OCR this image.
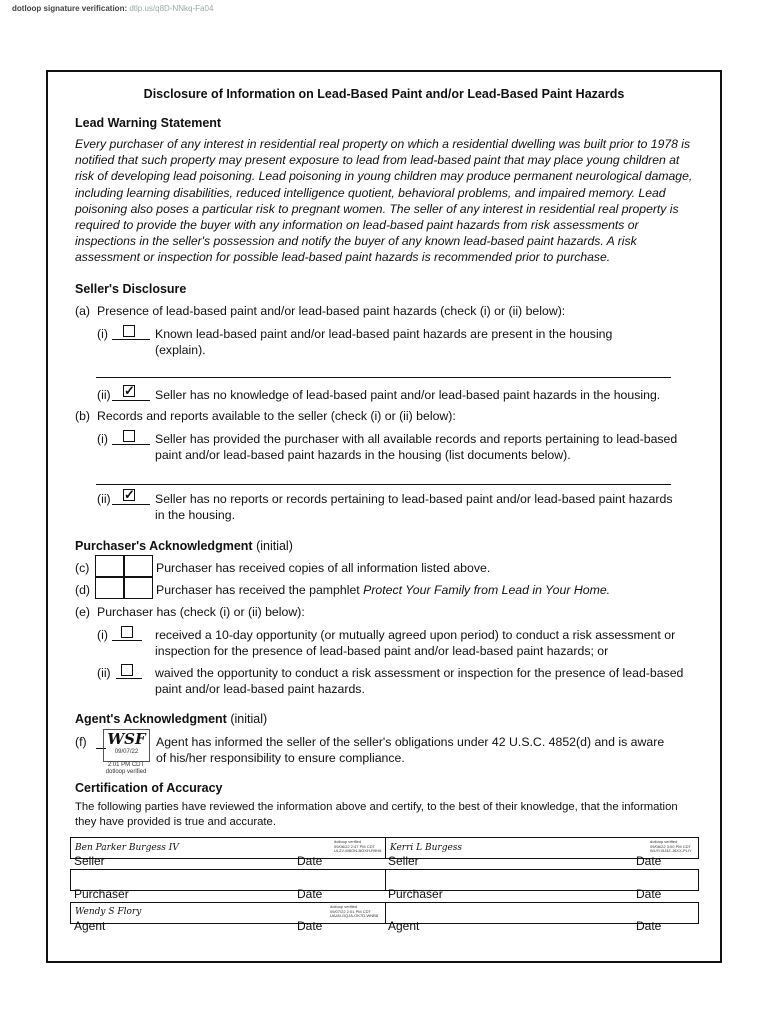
dotloop signature verification: dtlp.us/q8D-NNkq-Fa04
Disclosure of Information on Lead-Based Paint and/or Lead-Based Paint Hazards
Lead Warning Statement
Every purchaser of any interest in residential real property on which a residential dwelling was built prior to 1978 is notified that such property may present exposure to lead from lead-based paint that may place young children at risk of developing lead poisoning. Lead poisoning in young children may produce permanent neurological damage, including learning disabilities, reduced intelligence quotient, behavioral problems, and impaired memory. Lead poisoning also poses a particular risk to pregnant women. The seller of any interest in residential real property is required to provide the buyer with any information on lead-based paint hazards from risk assessments or inspections in the seller's possession and notify the buyer of any known lead-based paint hazards. A risk assessment or inspection for possible lead-based paint hazards is recommended prior to purchase.
Seller's Disclosure
(a) Presence of lead-based paint and/or lead-based paint hazards (check (i) or (ii) below):
(i)	Known lead-based paint and/or lead-based paint hazards are present in the housing (explain).
(ii) ✓ Seller has no knowledge of lead-based paint and/or lead-based paint hazards in the housing.
(b) Records and reports available to the seller (check (i) or (ii) below):
(i)	Seller has provided the purchaser with all available records and reports pertaining to lead-based paint and/or lead-based paint hazards in the housing (list documents below).
(ii) ✓ Seller has no reports or records pertaining to lead-based paint and/or lead-based paint hazards in the housing.
Purchaser's Acknowledgment (initial)
(c)	Purchaser has received copies of all information listed above.
(d)	Purchaser has received the pamphlet Protect Your Family from Lead in Your Home.
(e) Purchaser has (check (i) or (ii) below):
(i)	received a 10-day opportunity (or mutually agreed upon period) to conduct a risk assessment or inspection for the presence of lead-based paint and/or lead-based paint hazards; or
(ii)	waived the opportunity to conduct a risk assessment or inspection for the presence of lead-based paint and/or lead-based paint hazards.
Agent's Acknowledgment (initial)
(f) WSF
09/07/22
2:01 PM CDT
dotloop verified
Agent has informed the seller of the seller's obligations under 42 U.S.C. 4852(d) and is aware of his/her responsibility to ensure compliance.
Certification of Accuracy
The following parties have reviewed the information above and certify, to the best of their knowledge, that the information they have provided is true and accurate.
Ben Parker Burgess IV
dotloop verified
09/08/22 2:47 PM CDT
UL2V-W8GN-BOXH-R9H8 Kerri L Burgess
dotloop verified
09/08/22 3:00 PM CDT
WUIY-BJ4Z-J6XX-PLIY
Seller	Date	Seller	Date
Purchaser	Date	Purchaser	Date
Wendy S Flory
dotloop verified
09/07/22 2:01 PM CDT
UA4N-GQJA-OK7D-WNB8
Agent	Date	Agent	Date
